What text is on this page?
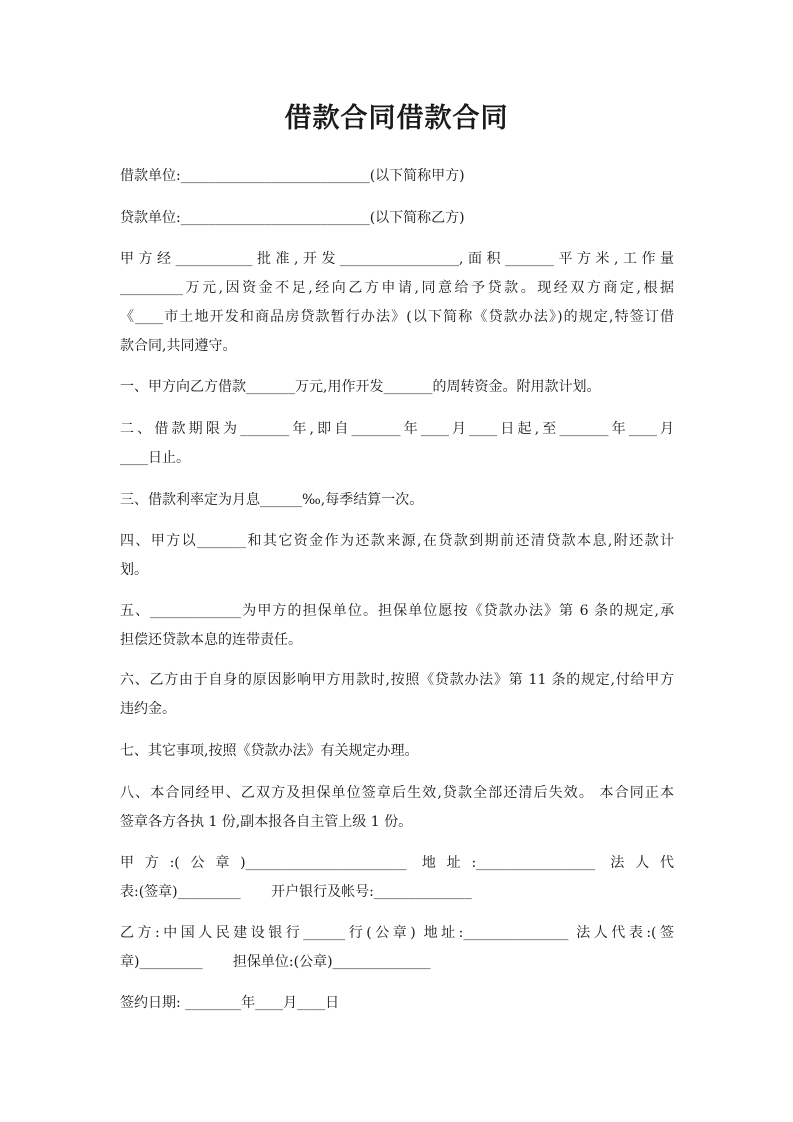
借款合同借款合同
借款单位:___________________________(以下简称甲方)
贷款单位:___________________________(以下简称乙方)
甲方经___________批准,开发_________________,面积_______平方米,工作量
_________万元,因资金不足,经向乙方申请,同意给予贷款。现经双方商定,根据
《____市土地开发和商品房贷款暂行办法》(以下简称《贷款办法》)的规定,特签订借
款合同,共同遵守。
一、甲方向乙方借款_______万元,用作开发_______的周转资金。附用款计划。
二、借款期限为_______年,即自_______年____月____日起,至_______年____月
____日止。
三、借款利率定为月息______‰,每季结算一次。
四、甲方以_______和其它资金作为还款来源,在贷款到期前还清贷款本息,附还款计
划。
五、_____________为甲方的担保单位。担保单位愿按《贷款办法》第 6 条的规定,承
担偿还贷款本息的连带责任。
六、乙方由于自身的原因影响甲方用款时,按照《贷款办法》第 11 条的规定,付给甲方
违约金。
七、其它事项,按照《贷款办法》有关规定办理。
八、本合同经甲、乙双方及担保单位签章后生效,贷款全部还清后失效。 本合同正本
签章各方各执 1 份,副本报各自主管上级 1 份。
甲方:(公章)_______________________ 地址:_________________ 法人代
表:(签章)_________ 开户银行及帐号:______________
乙方:中国人民建设银行______行(公章) 地址:_______________ 法人代表:(签
章)_________ 担保单位:(公章)______________
签约日期: ________年____月____日
